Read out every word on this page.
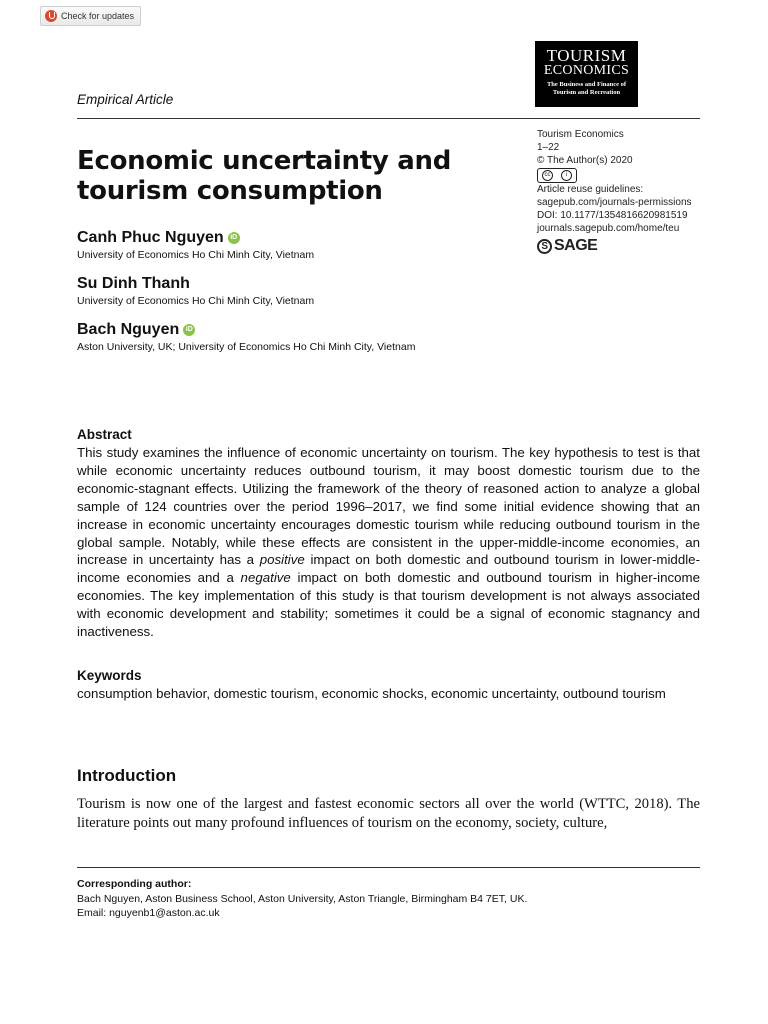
Check for updates
TOURISM
ECONOMICS
The Business and Finance of Tourism and Recreation
Empirical Article
Tourism Economics
1–22
© The Author(s) 2020
cc	i
Article reuse guidelines:
sagepub.com/journals-permissions
DOI: 10.1177/1354816620981519
journals.sagepub.com/home/teu
S SAGE
Economic uncertainty and tourism consumption
Canh Phuc Nguyen iD
University of Economics Ho Chi Minh City, Vietnam
Su Dinh Thanh
University of Economics Ho Chi Minh City, Vietnam
Bach Nguyen iD
Aston University, UK; University of Economics Ho Chi Minh City, Vietnam
Abstract
This study examines the influence of economic uncertainty on tourism. The key hypothesis to test is that while economic uncertainty reduces outbound tourism, it may boost domestic tourism due to the economic-stagnant effects. Utilizing the framework of the theory of reasoned action to analyze a global sample of 124 countries over the period 1996–2017, we find some initial evidence showing that an increase in economic uncertainty encourages domestic tourism while reducing outbound tourism in the global sample. Notably, while these effects are consistent in the upper-middle-income economies, an increase in uncertainty has a positive impact on both domestic and outbound tourism in lower-middle-income economies and a negative impact on both domestic and outbound tourism in higher-income economies. The key implementation of this study is that tourism development is not always associated with economic development and stability; sometimes it could be a signal of economic stagnancy and inactiveness.
Keywords
consumption behavior, domestic tourism, economic shocks, economic uncertainty, outbound tourism
Introduction
Tourism is now one of the largest and fastest economic sectors all over the world (WTTC, 2018). The literature points out many profound influences of tourism on the economy, society, culture,
Corresponding author:
Bach Nguyen, Aston Business School, Aston University, Aston Triangle, Birmingham B4 7ET, UK.
Email: nguyenb1@aston.ac.uk
